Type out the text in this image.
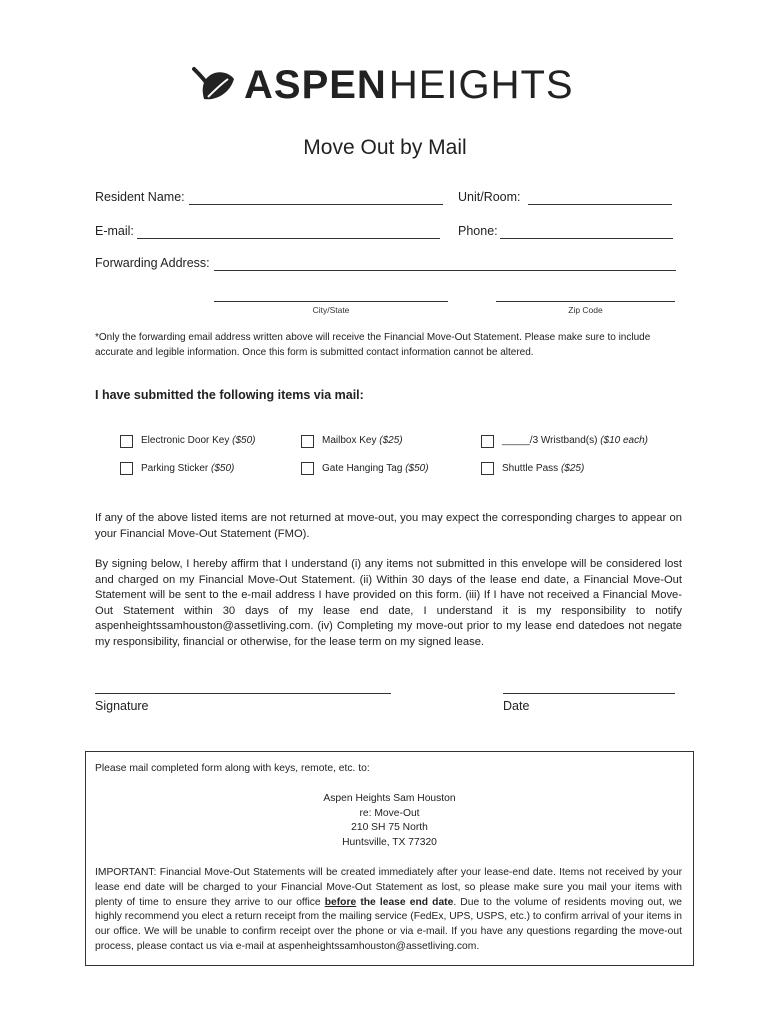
ASPEN HEIGHTS
Move Out by Mail
Resident Name:	Unit/Room:
E-mail:	Phone:
Forwarding Address:
City/State	Zip Code
*Only the forwarding email address written above will receive the Financial Move-Out Statement. Please make sure to include accurate and legible information. Once this form is submitted contact information cannot be altered.
I have submitted the following items via mail:
Electronic Door Key ($50)	Mailbox Key ($25)	_____/3 Wristband(s) ($10 each)
Parking Sticker ($50)	Gate Hanging Tag ($50)	Shuttle Pass ($25)
If any of the above listed items are not returned at move-out, you may expect the corresponding charges to appear on your Financial Move-Out Statement (FMO).
By signing below, I hereby affirm that I understand (i) any items not submitted in this envelope will be considered lost and charged on my Financial Move-Out Statement. (ii) Within 30 days of the lease end date, a Financial Move-Out Statement will be sent to the e-mail address I have provided on this form. (iii) If I have not received a Financial Move-Out Statement within 30 days of my lease end date, I understand it is my responsibility to notify aspenheightssamhouston@assetliving.com. (iv) Completing my move-out prior to my lease end datedoes not negate my responsibility, financial or otherwise, for the lease term on my signed lease.
Signature	Date
Please mail completed form along with keys, remote, etc. to:
Aspen Heights Sam Houston
re: Move-Out
210 SH 75 North
Huntsville, TX 77320
IMPORTANT: Financial Move-Out Statements will be created immediately after your lease-end date. Items not received by your lease end date will be charged to your Financial Move-Out Statement as lost, so please make sure you mail your items with plenty of time to ensure they arrive to our office before the lease end date. Due to the volume of residents moving out, we highly recommend you elect a return receipt from the mailing service (FedEx, UPS, USPS, etc.) to confirm arrival of your items in our office. We will be unable to confirm receipt over the phone or via e-mail. If you have any questions regarding the move-out process, please contact us via e-mail at aspenheightssamhouston@assetliving.com.
